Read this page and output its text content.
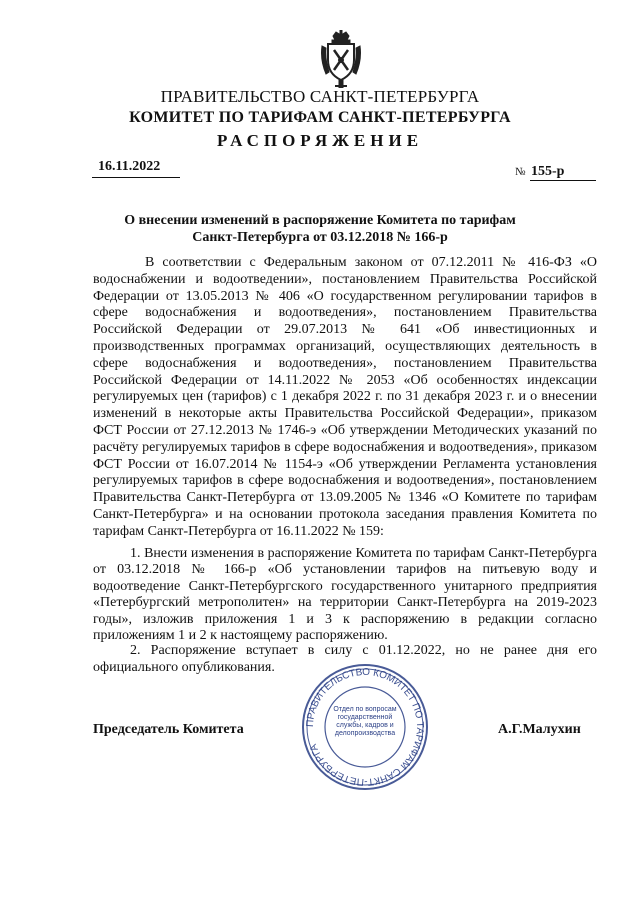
ПРАВИТЕЛЬСТВО САНКТ-ПЕТЕРБУРГА
КОМИТЕТ ПО ТАРИФАМ САНКТ-ПЕТЕРБУРГА
РАСПОРЯЖЕНИЕ
16.11.2022	№ 155-р
О внесении изменений в распоряжение Комитета по тарифам
Санкт-Петербурга от 03.12.2018 № 166-р

В соответствии с Федеральным законом от 07.12.2011 № 416-ФЗ «О водоснабжении и водоотведении», постановлением Правительства Российской Федерации от 13.05.2013 № 406 «О государственном регулировании тарифов в сфере водоснабжения и водоотведения», постановлением Правительства Российской Федерации от 29.07.2013 № 641 «Об инвестиционных и производственных программах организаций, осуществляющих деятельность в сфере водоснабжения и водоотведения», постановлением Правительства Российской Федерации от 14.11.2022 № 2053 «Об особенностях индексации регулируемых цен (тарифов) с 1 декабря 2022 г. по 31 декабря 2023 г. и о внесении изменений в некоторые акты Правительства Российской Федерации», приказом ФСТ России от 27.12.2013 № 1746-э «Об утверждении Методических указаний по расчёту регулируемых тарифов в сфере водоснабжения и водоотведения», приказом ФСТ России от 16.07.2014 № 1154-э «Об утверждении Регламента установления регулируемых тарифов в сфере водоснабжения и водоотведения», постановлением Правительства Санкт-Петербурга от 13.09.2005 № 1346 «О Комитете по тарифам Санкт-Петербурга» и на основании протокола заседания правления Комитета по тарифам Санкт-Петербурга от 16.11.2022 № 159:

1. Внести изменения в распоряжение Комитета по тарифам Санкт-Петербурга от 03.12.2018 № 166-р «Об установлении тарифов на питьевую воду и водоотведение Санкт-Петербургского государственного унитарного предприятия «Петербургский метрополитен» на территории Санкт-Петербурга на 2019-2023 годы», изложив приложения 1 и 3 к распоряжению в редакции согласно приложениям 1 и 2 к настоящему распоряжению.

2. Распоряжение вступает в силу с 01.12.2022, но не ранее дня его официального опубликования.

Председатель Комитета	А.Г.Малухин
ПРАВИТЕЛЬСТВО КОМИТЕТ ПО ТАРИФАМ САНКТ-ПЕТЕРБУРГА
Отдел по вопросам государственной службы, кадров и делопроизводства
